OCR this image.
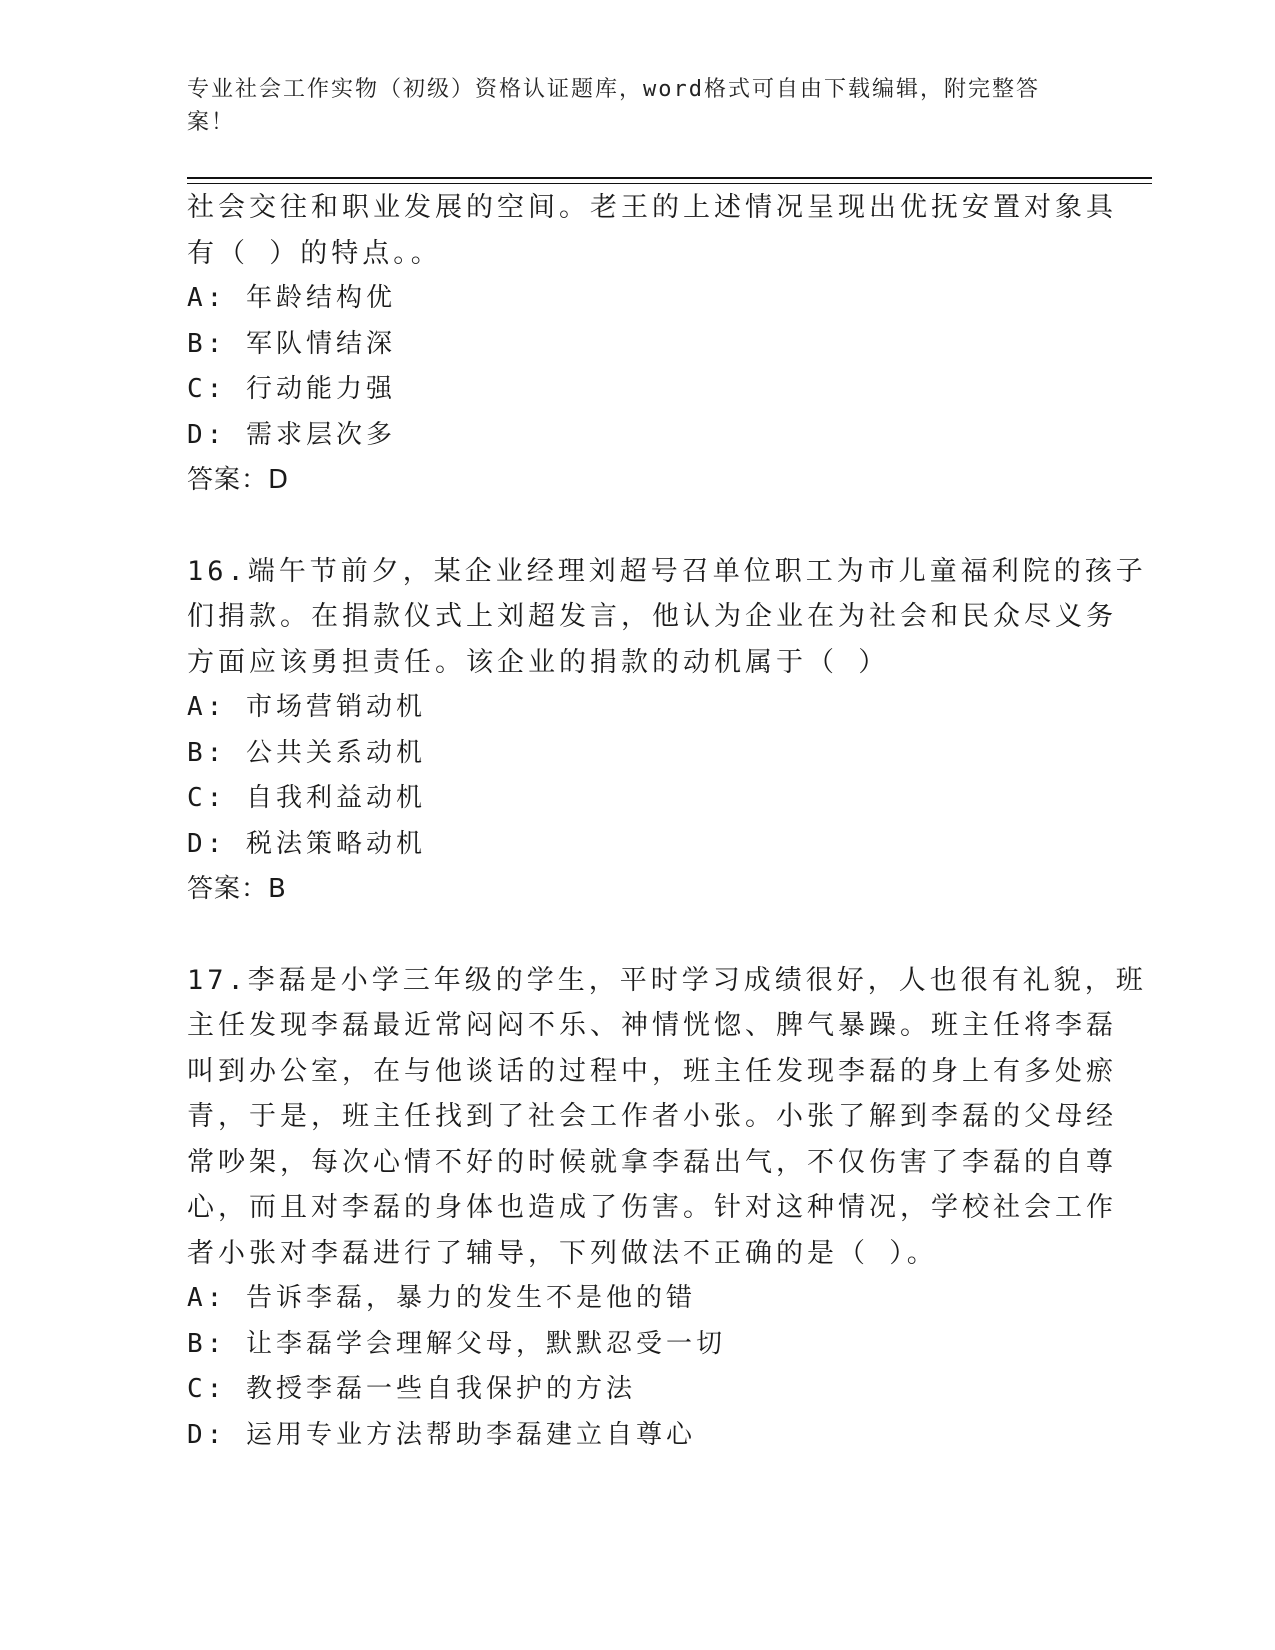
专业社会工作实物（初级）资格认证题库，word格式可自由下载编辑，附完整答
案！
社会交往和职业发展的空间。老王的上述情况呈现出优抚安置对象具
有（ ）的特点。。
A: 年龄结构优
B: 军队情结深
C: 行动能力强
D: 需求层次多
答案：D
16.端午节前夕，某企业经理刘超号召单位职工为市儿童福利院的孩子
们捐款。在捐款仪式上刘超发言，他认为企业在为社会和民众尽义务
方面应该勇担责任。该企业的捐款的动机属于（ ）
A: 市场营销动机
B: 公共关系动机
C: 自我利益动机
D: 税法策略动机
答案：B
17.李磊是小学三年级的学生，平时学习成绩很好，人也很有礼貌，班
主任发现李磊最近常闷闷不乐、神情恍惚、脾气暴躁。班主任将李磊
叫到办公室，在与他谈话的过程中，班主任发现李磊的身上有多处瘀
青，于是，班主任找到了社会工作者小张。小张了解到李磊的父母经
常吵架，每次心情不好的时候就拿李磊出气，不仅伤害了李磊的自尊
心，而且对李磊的身体也造成了伤害。针对这种情况，学校社会工作
者小张对李磊进行了辅导，下列做法不正确的是（ ）。
A: 告诉李磊，暴力的发生不是他的错
B: 让李磊学会理解父母，默默忍受一切
C: 教授李磊一些自我保护的方法
D: 运用专业方法帮助李磊建立自尊心
